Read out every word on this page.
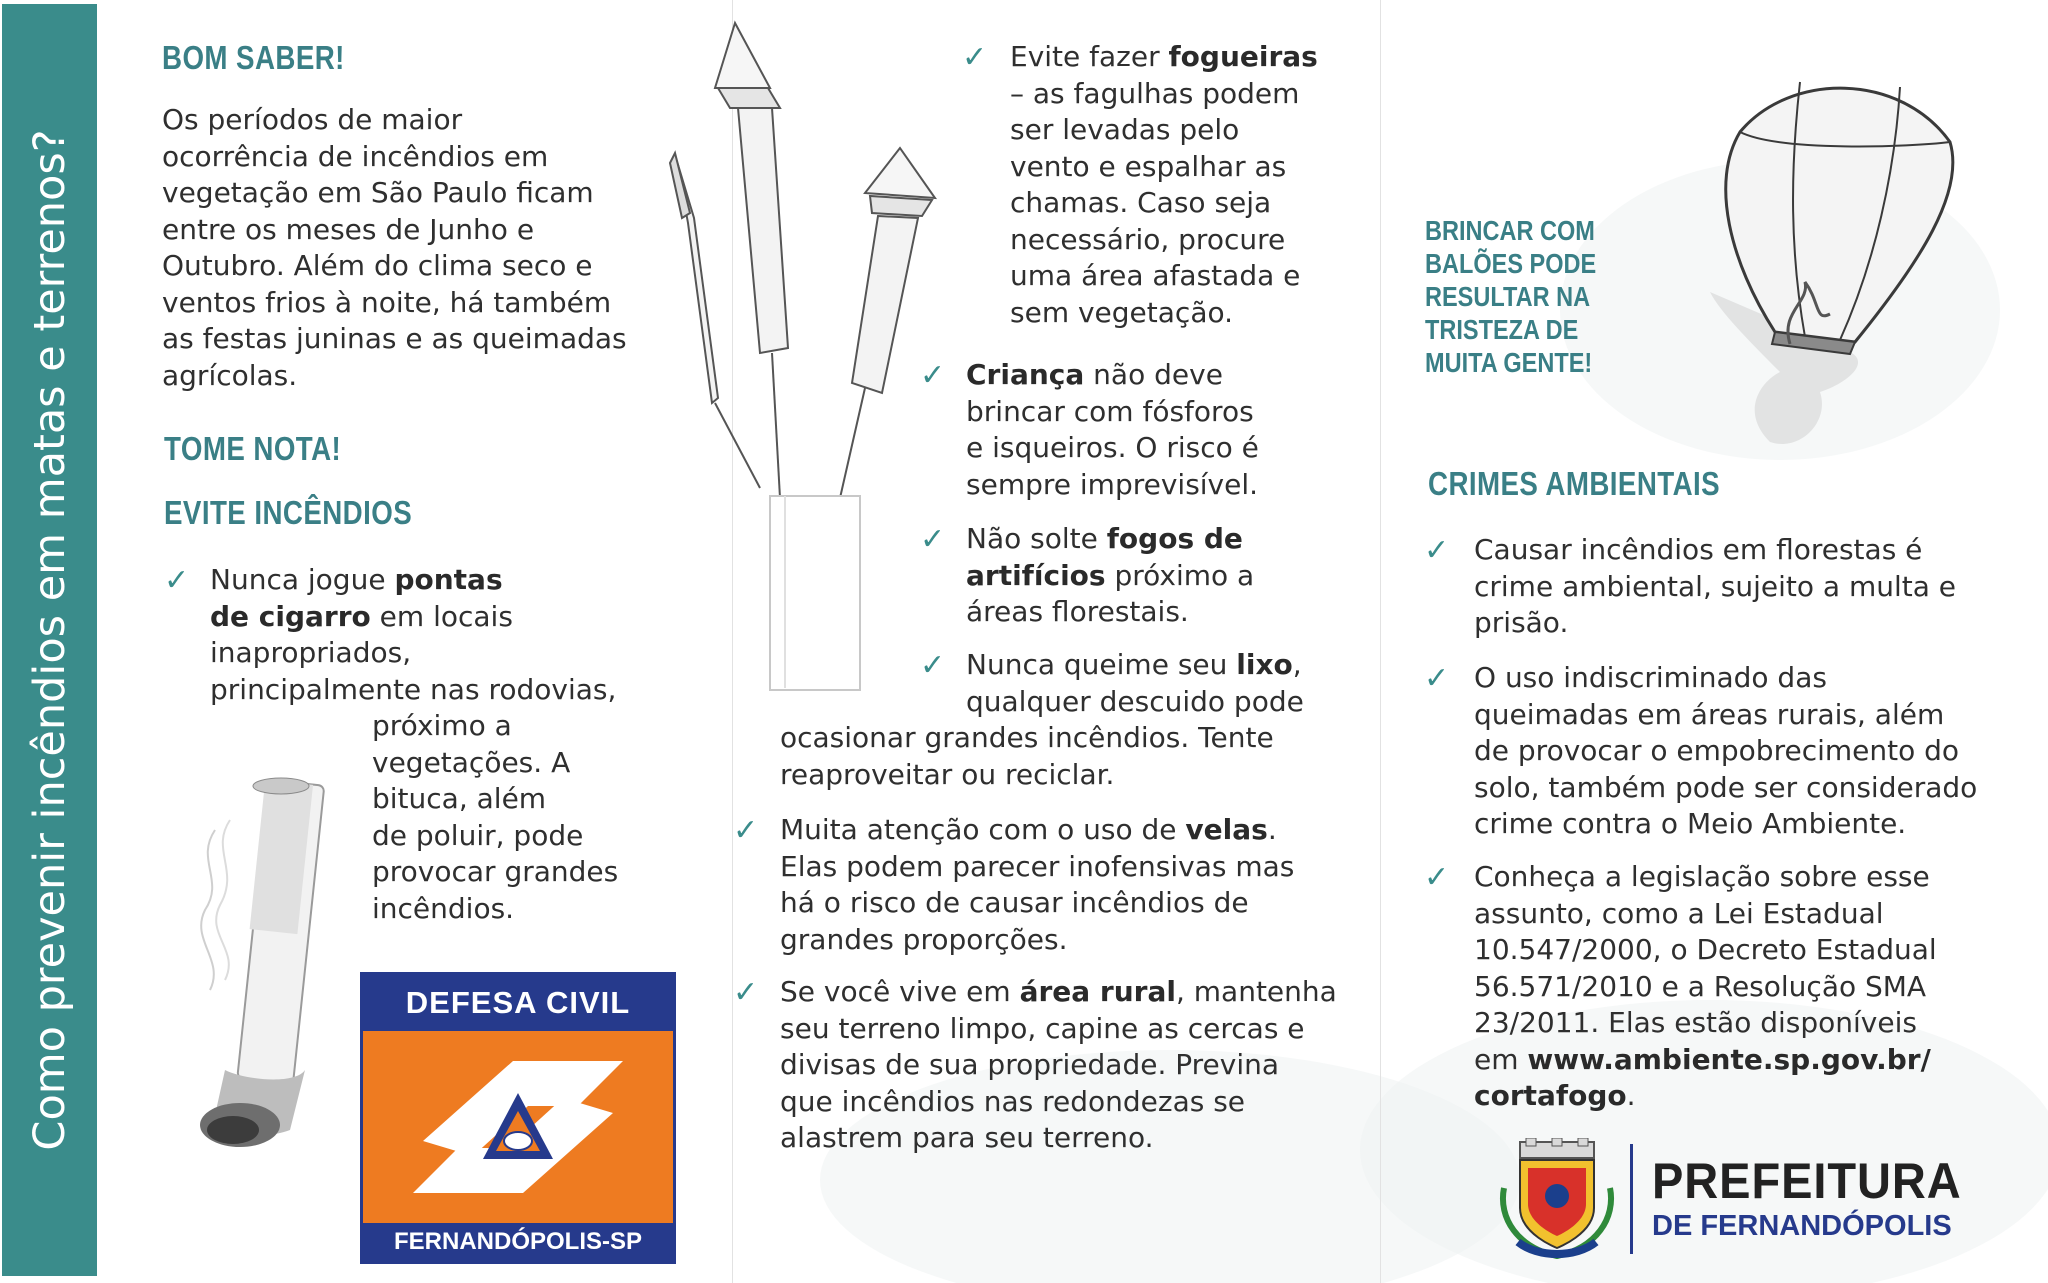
Como prevenir incêndios em matas e terrenos?
BOM SABER!
Os períodos de maior
ocorrência de incêndios em
vegetação em São Paulo ficam
entre os meses de Junho e
Outubro. Além do clima seco e
ventos frios à noite, há também
as festas juninas e as queimadas
agrícolas.
TOME NOTA!
EVITE INCÊNDIOS
✓ Nunca jogue pontas

de cigarro em locais

inapropriados,

principalmente nas rodovias,

próximo a

vegetações. A

bituca, além

de poluir, pode

provocar grandes

incêndios.

DEFESA CIVIL
FERNANDÓPOLIS-SP
✓ Evite fazer fogueiras

– as fagulhas podem

ser levadas pelo

vento e espalhar as

chamas. Caso seja

necessário, procure

uma área afastada e

sem vegetação.

✓ Criança não deve

brincar com fósforos

e isqueiros. O risco é

sempre imprevisível.

✓ Não solte fogos de

artifícios próximo a

áreas florestais.

✓ Nunca queime seu lixo,

qualquer descuido pode

ocasionar grandes incêndios. Tente

reaproveitar ou reciclar.

✓ Muita atenção com o uso de velas.

Elas podem parecer inofensivas mas

há o risco de causar incêndios de

grandes proporções.

✓ Se você vive em área rural, mantenha

seu terreno limpo, capine as cercas e

divisas de sua propriedade. Previna

que incêndios nas redondezas se

alastrem para seu terreno.

BRINCAR COM BALÕES PODE RESULTAR NA TRISTEZA DE MUITA GENTE!

CRIMES AMBIENTAIS
✓ Causar incêndios em florestas é

crime ambiental, sujeito a multa e

prisão.

✓ O uso indiscriminado das

queimadas em áreas rurais, além

de provocar o empobrecimento do

solo, também pode ser considerado

crime contra o Meio Ambiente.

✓ Conheça a legislação sobre esse

assunto, como a Lei Estadual

10.547/2000, o Decreto Estadual

56.571/2010 e a Resolução SMA

23/2011. Elas estão disponíveis

em www.ambiente.sp.gov.br/

cortafogo.

PREFEITURA

DE FERNANDÓPOLIS
